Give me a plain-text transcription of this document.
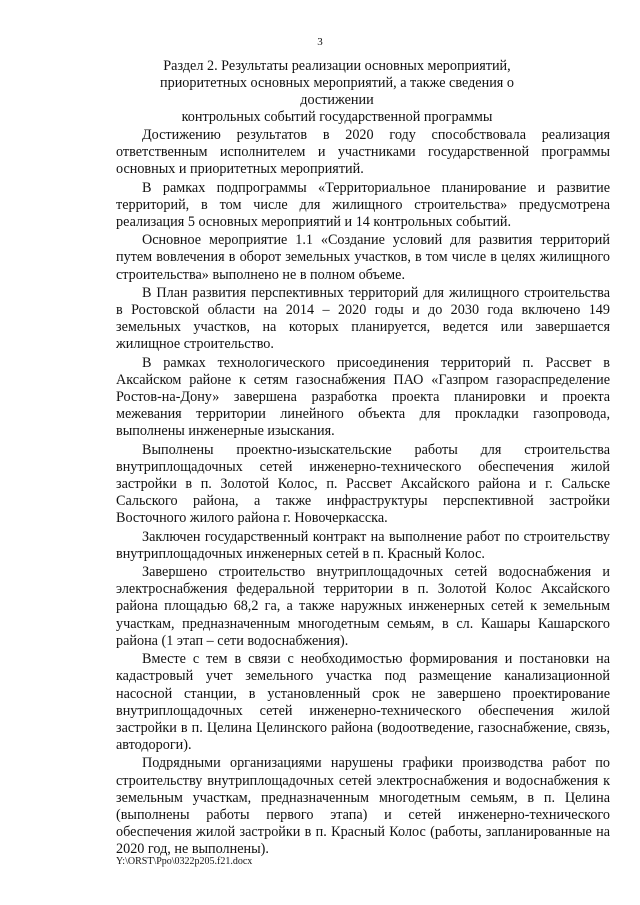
3
Раздел 2. Результаты реализации основных мероприятий,
приоритетных основных мероприятий, а также сведения о достижении
контрольных событий государственной программы

Достижению результатов в 2020 году способствовала реализация ответственным исполнителем и участниками государственной программы основных и приоритетных мероприятий.

В рамках подпрограммы «Территориальное планирование и развитие территорий, в том числе для жилищного строительства» предусмотрена реализация 5 основных мероприятий и 14 контрольных событий.

Основное мероприятие 1.1 «Создание условий для развития территорий путем вовлечения в оборот земельных участков, в том числе в целях жилищного строительства» выполнено не в полном объеме.

В План развития перспективных территорий для жилищного строительства в Ростовской области на 2014 – 2020 годы и до 2030 года включено 149 земельных участков, на которых планируется, ведется или завершается жилищное строительство.

В рамках технологического присоединения территорий п. Рассвет в Аксайском районе к сетям газоснабжения ПАО «Газпром газораспределение Ростов-на-Дону» завершена разработка проекта планировки и проекта межевания территории линейного объекта для прокладки газопровода, выполнены инженерные изыскания.

Выполнены проектно-изыскательские работы для строительства внутриплощадочных сетей инженерно-технического обеспечения жилой застройки в п. Золотой Колос, п. Рассвет Аксайского района и г. Сальске Сальского района, а также инфраструктуры перспективной застройки Восточного жилого района г. Новочеркасска.

Заключен государственный контракт на выполнение работ по строительству внутриплощадочных инженерных сетей в п. Красный Колос.

Завершено строительство внутриплощадочных сетей водоснабжения и электроснабжения федеральной территории в п. Золотой Колос Аксайского района площадью 68,2 га, а также наружных инженерных сетей к земельным участкам, предназначенным многодетным семьям, в сл. Кашары Кашарского района (1 этап – сети водоснабжения).

Вместе с тем в связи с необходимостью формирования и постановки на кадастровый учет земельного участка под размещение канализационной насосной станции, в установленный срок не завершено проектирование внутриплощадочных сетей инженерно-технического обеспечения жилой застройки в п. Целина Целинского района (водоотведение, газоснабжение, связь, автодороги).

Подрядными организациями нарушены графики производства работ по строительству внутриплощадочных сетей электроснабжения и водоснабжения к земельным участкам, предназначенным многодетным семьям, в п. Целина (выполнены работы первого этапа) и сетей инженерно-технического обеспечения жилой застройки в п. Красный Колос (работы, запланированные на 2020 год, не выполнены).

Y:\ORST\Ppo\0322p205.f21.docx
